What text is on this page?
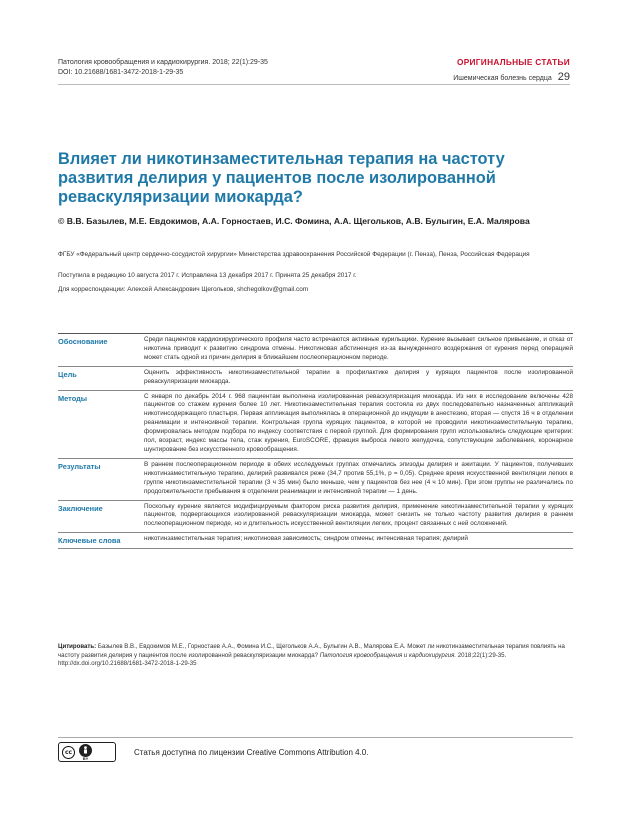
Патология кровообращения и кардиохирургия. 2018; 22(1):29-35
DOI: 10.21688/1681-3472-2018-1-29-35
ОРИГИНАЛЬНЫЕ СТАТЬИ
Ишемическая болезнь сердца 29
Влияет ли никотинзаместительная терапия на частоту развития делирия у пациентов после изолированной реваскуляризации миокарда?

© В.В. Базылев, М.Е. Евдокимов, А.А. Горностаев, И.С. Фомина, А.А. Щегольков, А.В. Булыгин, Е.А. Малярова

ФГБУ «Федеральный центр сердечно-сосудистой хирургии» Министерства здравоохранения Российской Федерации (г. Пенза), Пенза, Российская Федерация

Поступила в редакцию 10 августа 2017 г. Исправлена 13 декабря 2017 г. Принята 25 декабря 2017 г.

Для корреспонденции: Алексей Александрович Щегольков, shchegolkov@gmail.com

Обоснование	Среди пациентов кардиохирургического профиля часто встречаются активные курильщики. Курение вызывает сильное привыкание, и отказ от никотина приводит к развитию синдрома отмены. Никотиновая абстиненция из-за вынужденного воздержания от курения перед операцией может стать одной из причин делирия в ближайшем послеоперационном периоде.
Цель	Оценить эффективность никотинзаместительной терапии в профилактике делирия у курящих пациентов после изолированной реваскуляризации миокарда.
Методы	С января по декабрь 2014 г. 968 пациентам выполнена изолированная реваскуляризация миокарда. Из них в исследование включены 428 пациентов со стажем курения более 10 лет. Никотинзаместительная терапия состояла из двух последовательно назначенных аппликаций никотинсодержащего пластыря. Первая аппликация выполнялась в операционной до индукции в анестезию, вторая — спустя 16 ч в отделении реанимации и интенсивной терапии. Контрольная группа курящих пациентов, в которой не проводили никотинзаместительную терапию, формировалась методом подбора по индексу соответствия с первой группой. Для формирования групп использовались следующие критерии: пол, возраст, индекс массы тела, стаж курения, EuroSCORE, фракция выброса левого желудочка, сопутствующие заболевания, коронарное шунтирование без искусственного кровообращения.
Результаты	В раннем послеоперационном периоде в обеих исследуемых группах отмечались эпизоды делирия и ажитации. У пациентов, получивших никотинзаместительную терапию, делирий развивался реже (34,7 против 55,1%, p = 0,05). Среднее время искусственной вентиляции легких в группе никотинзаместительной терапии (3 ч 35 мин) было меньше, чем у пациентов без нее (4 ч 10 мин). При этом группы не различались по продолжительности пребывания в отделении реанимации и интенсивной терапии — 1 день.
Заключение	Поскольку курение является модифицируемым фактором риска развития делирия, применение никотинзаместительной терапии у курящих пациентов, подвергающихся изолированной реваскуляризации миокарда, может снизить не только частоту развития делирия в раннем послеоперационном периоде, но и длительность искусственной вентиляции легких, процент связанных с ней осложнений.
Ключевые слова	никотинзаместительная терапия; никотиновая зависимость; синдром отмены; интенсивная терапия; делирий

Цитировать: Базылев В.В., Евдокимов М.Е., Горностаев А.А., Фомина И.С., Щегольков А.А., Булыгин А.В., Малярова Е.А. Может ли никотинзаместительная терапия повлиять на частоту развития делирия у пациентов после изолированной реваскуляризации миокарда? Патология кровообращения и кардиохирургия. 2018;22(1):29-35. http://dx.doi.org/10.21688/1681-3472-2018-1-29-35

cc
BY
Статья доступна по лицензии Creative Commons Attribution 4.0.
